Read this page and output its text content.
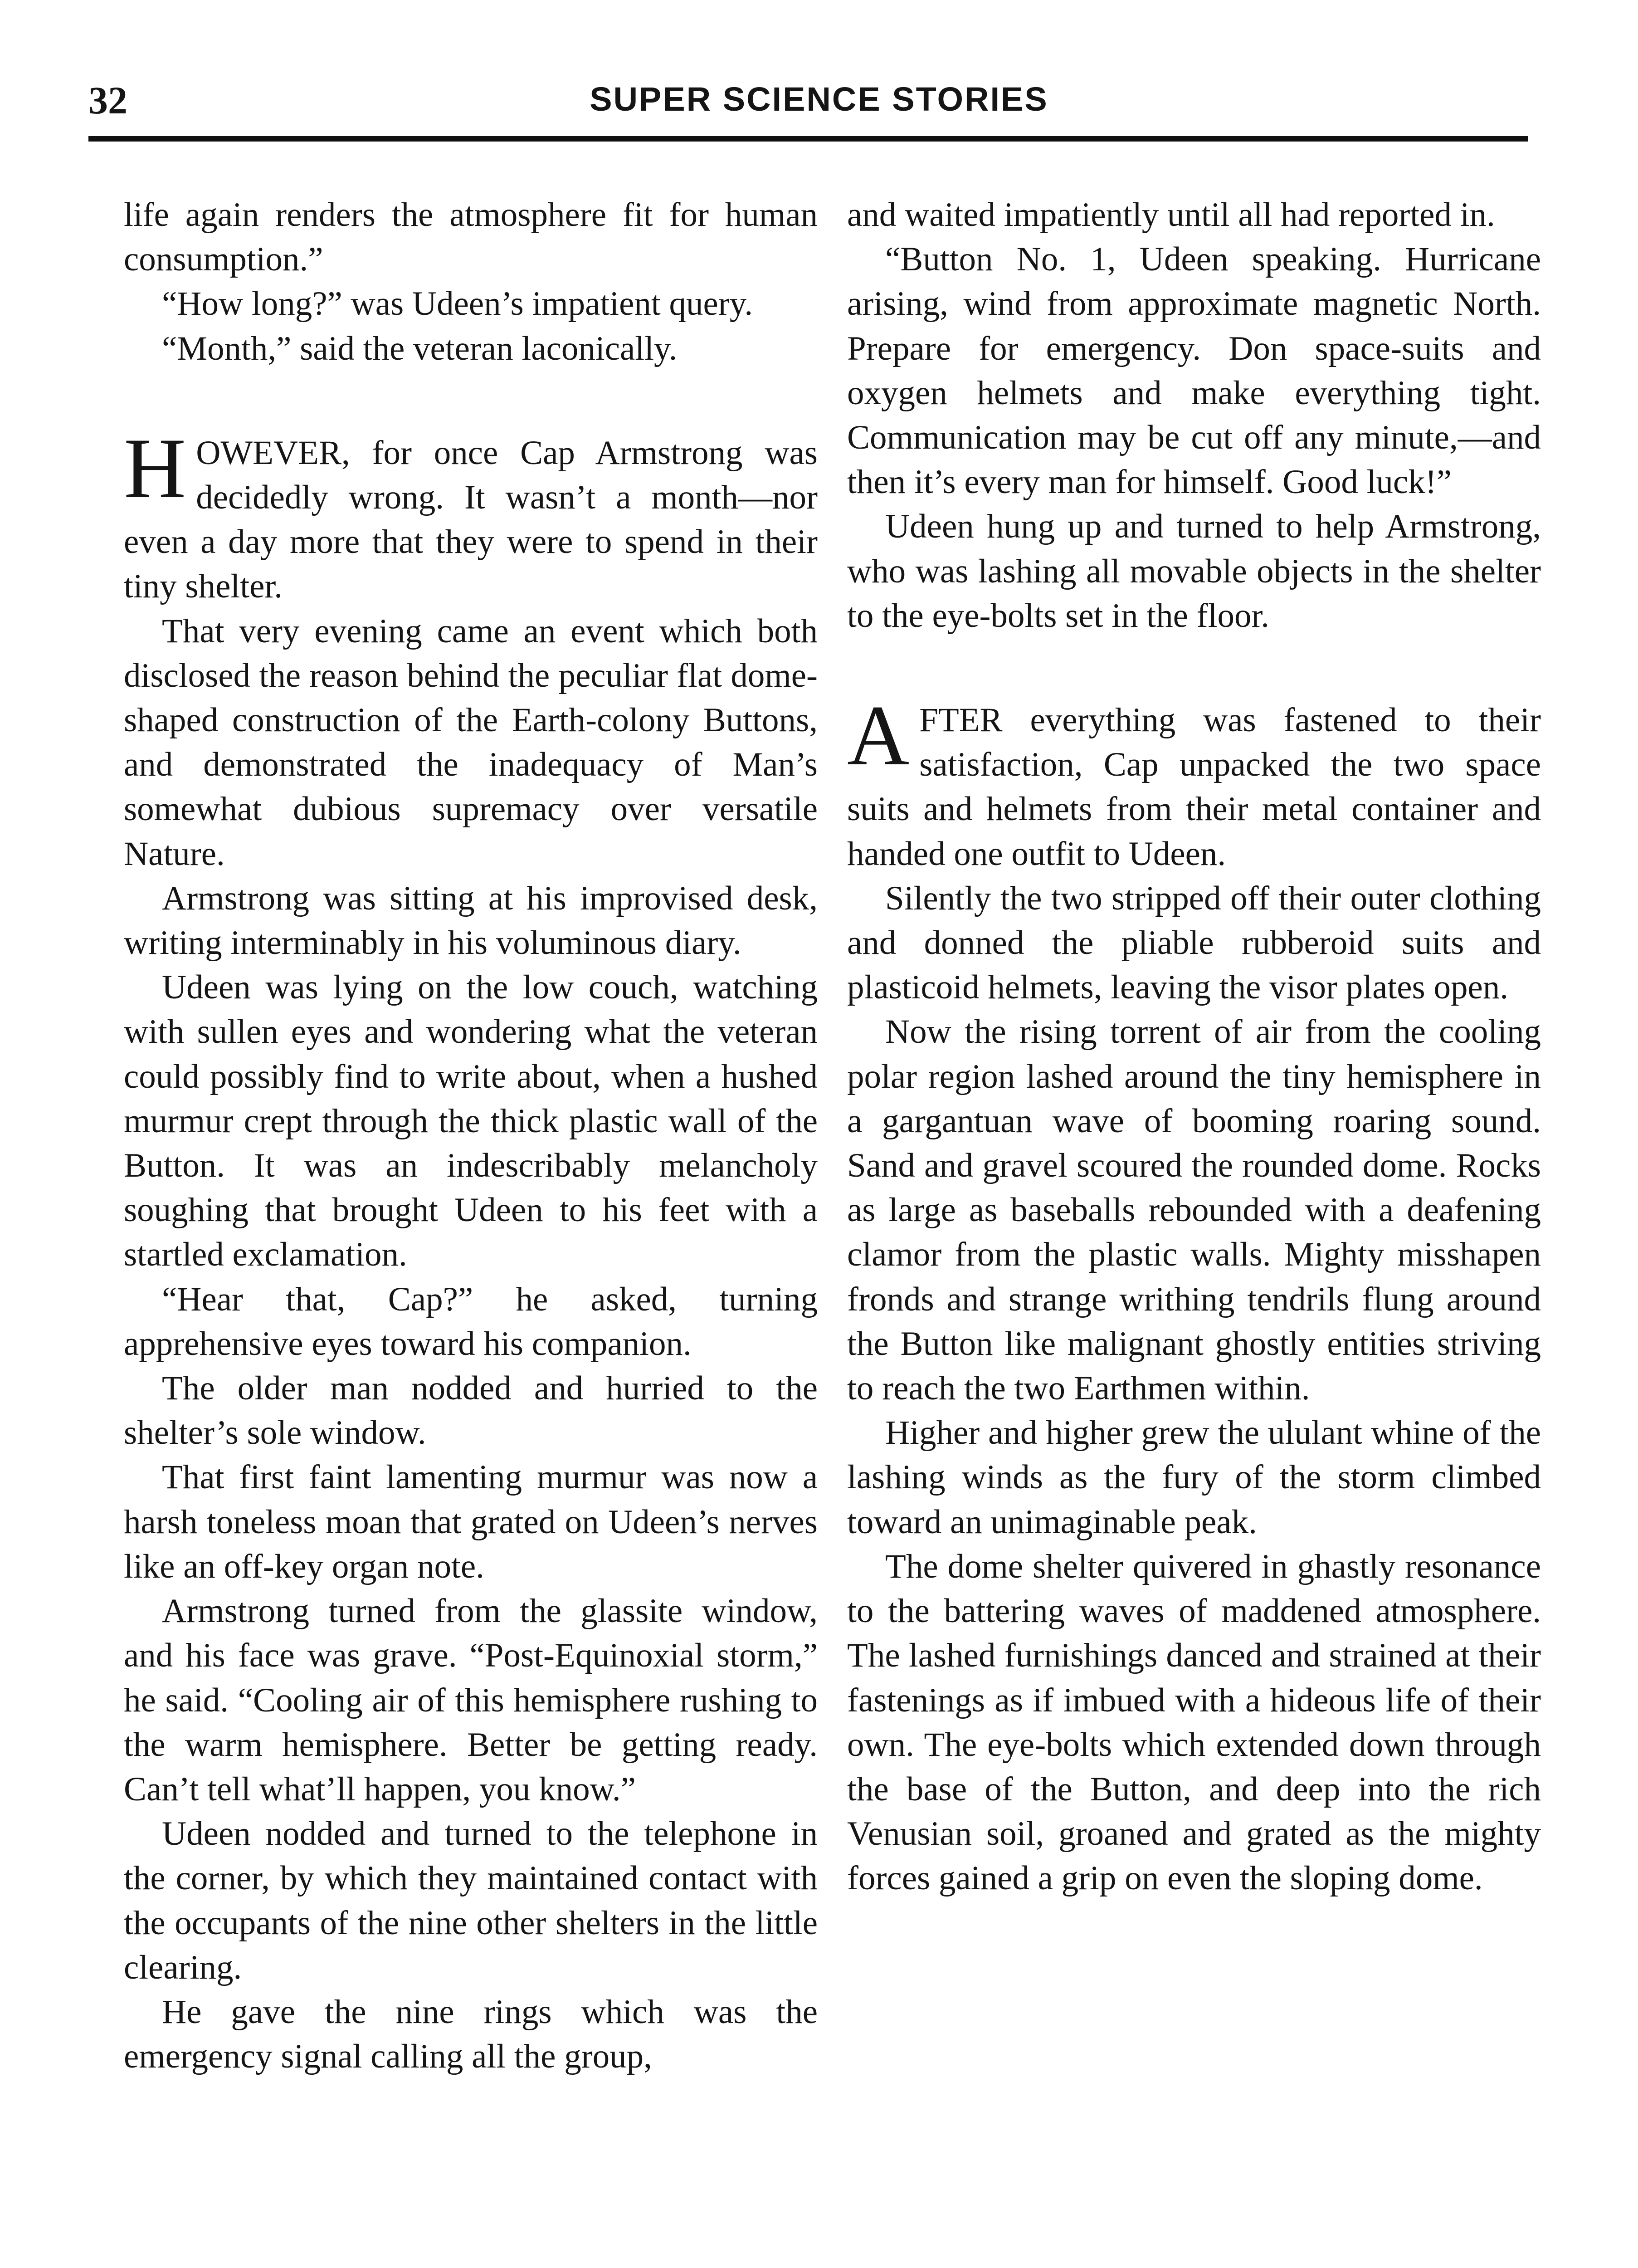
32	SUPER SCIENCE STORIES

life again renders the atmosphere fit for human consumption.”

“How long?” was Udeen’s impatient query.

“Month,” said the veteran laconically.

HOWEVER, for once Cap Armstrong was decidedly wrong. It wasn’t a month—nor even a day more that they were to spend in their tiny shelter.

That very evening came an event which both disclosed the reason behind the peculiar flat dome-shaped construction of the Earth-colony Buttons, and demonstrated the inadequacy of Man’s somewhat dubious supremacy over versatile Nature.

Armstrong was sitting at his improvised desk, writing interminably in his voluminous diary.

Udeen was lying on the low couch, watching with sullen eyes and wondering what the veteran could possibly find to write about, when a hushed murmur crept through the thick plastic wall of the Button. It was an indescribably melancholy soughing that brought Udeen to his feet with a startled exclamation.

“Hear that, Cap?” he asked, turning apprehensive eyes toward his companion.

The older man nodded and hurried to the shelter’s sole window.

That first faint lamenting murmur was now a harsh toneless moan that grated on Udeen’s nerves like an off-key organ note.

Armstrong turned from the glassite window, and his face was grave. “Post-Equinoxial storm,” he said. “Cooling air of this hemisphere rushing to the warm hemisphere. Better be getting ready. Can’t tell what’ll happen, you know.”

Udeen nodded and turned to the telephone in the corner, by which they maintained contact with the occupants of the nine other shelters in the little clearing.

He gave the nine rings which was the emergency signal calling all the group,

and waited impatiently until all had reported in.

“Button No. 1, Udeen speaking. Hurricane arising, wind from approximate magnetic North. Prepare for emergency. Don space-suits and oxygen helmets and make everything tight. Communication may be cut off any minute,—and then it’s every man for himself. Good luck!”

Udeen hung up and turned to help Armstrong, who was lashing all movable objects in the shelter to the eye-bolts set in the floor.

AFTER everything was fastened to their satisfaction, Cap unpacked the two space suits and helmets from their metal container and handed one outfit to Udeen.

Silently the two stripped off their outer clothing and donned the pliable rubberoid suits and plasticoid helmets, leaving the visor plates open.

Now the rising torrent of air from the cooling polar region lashed around the tiny hemisphere in a gargantuan wave of booming roaring sound. Sand and gravel scoured the rounded dome. Rocks as large as baseballs rebounded with a deafening clamor from the plastic walls. Mighty misshapen fronds and strange writhing tendrils flung around the Button like malignant ghostly entities striving to reach the two Earthmen within.

Higher and higher grew the ululant whine of the lashing winds as the fury of the storm climbed toward an unimaginable peak.

The dome shelter quivered in ghastly resonance to the battering waves of maddened atmosphere. The lashed furnishings danced and strained at their fastenings as if imbued with a hideous life of their own. The eye-bolts which extended down through the base of the Button, and deep into the rich Venusian soil, groaned and grated as the mighty forces gained a grip on even the sloping dome.
